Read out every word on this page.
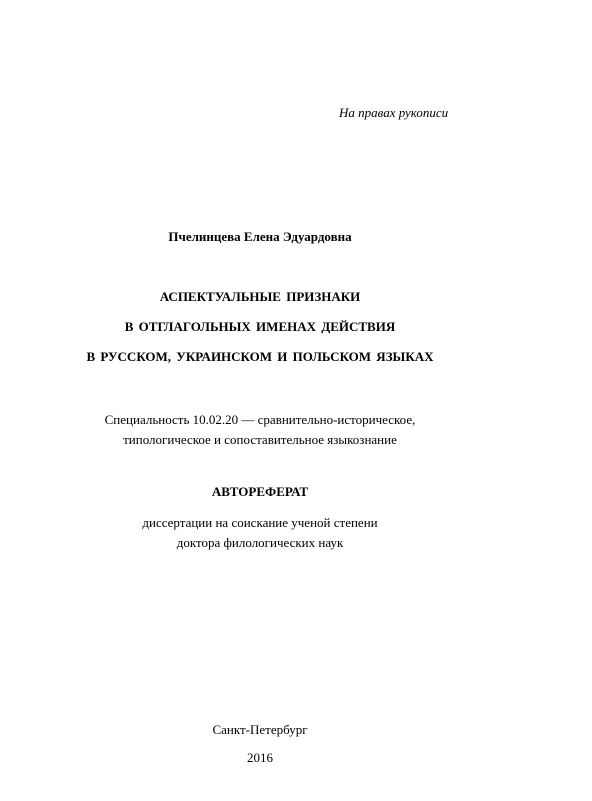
На правах рукописи
Пчелинцева Елена Эдуардовна
АСПЕКТУАЛЬНЫЕ ПРИЗНАКИ
В ОТГЛАГОЛЬНЫХ ИМЕНАХ ДЕЙСТВИЯ
В РУССКОМ, УКРАИНСКОМ И ПОЛЬСКОМ ЯЗЫКАХ
Специальность 10.02.20 — сравнительно-историческое,
типологическое и сопоставительное языкознание
АВТОРЕФЕРАТ
диссертации на соискание ученой степени
доктора филологических наук
Санкт-Петербург
2016
